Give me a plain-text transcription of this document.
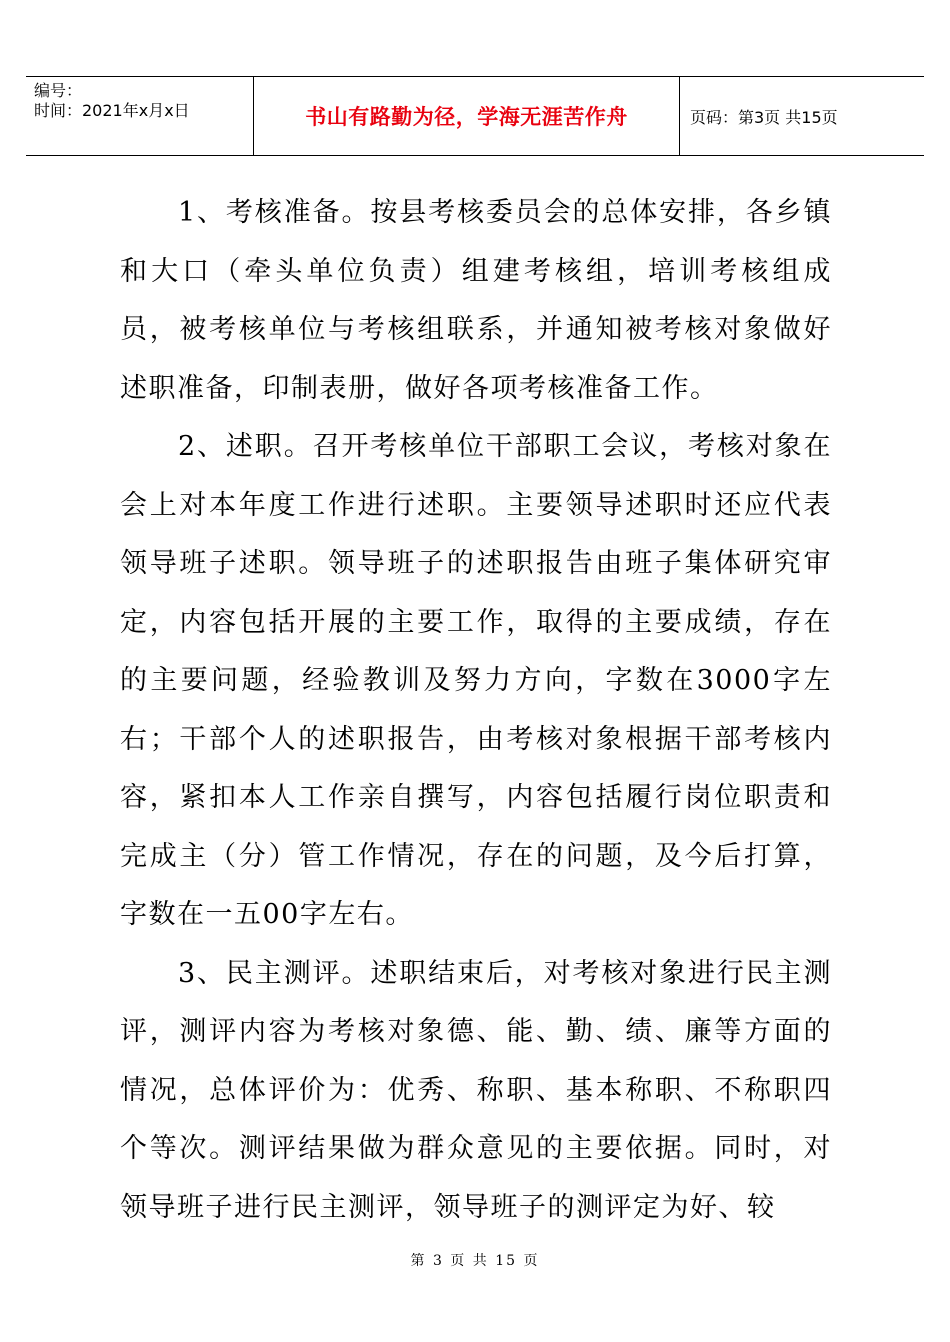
编号：
时间：2021年x月x日	书山有路勤为径，学海无涯苦作舟	页码：第3页 共15页

1、考核准备。按县考核委员会的总体安排，各乡镇和大口（牵头单位负责）组建考核组，培训考核组成员，被考核单位与考核组联系，并通知被考核对象做好述职准备，印制表册，做好各项考核准备工作。

2、述职。召开考核单位干部职工会议，考核对象在会上对本年度工作进行述职。主要领导述职时还应代表领导班子述职。领导班子的述职报告由班子集体研究审定，内容包括开展的主要工作，取得的主要成绩，存在的主要问题，经验教训及努力方向，字数在3000字左右；干部个人的述职报告，由考核对象根据干部考核内容，紧扣本人工作亲自撰写，内容包括履行岗位职责和完成主（分）管工作情况，存在的问题，及今后打算，字数在一五00字左右。

3、民主测评。述职结束后，对考核对象进行民主测评，测评内容为考核对象德、能、勤、绩、廉等方面的情况，总体评价为：优秀、称职、基本称职、不称职四个等次。测评结果做为群众意见的主要依据。同时，对领导班子进行民主测评，领导班子的测评定为好、较

第 3 页 共 15 页
